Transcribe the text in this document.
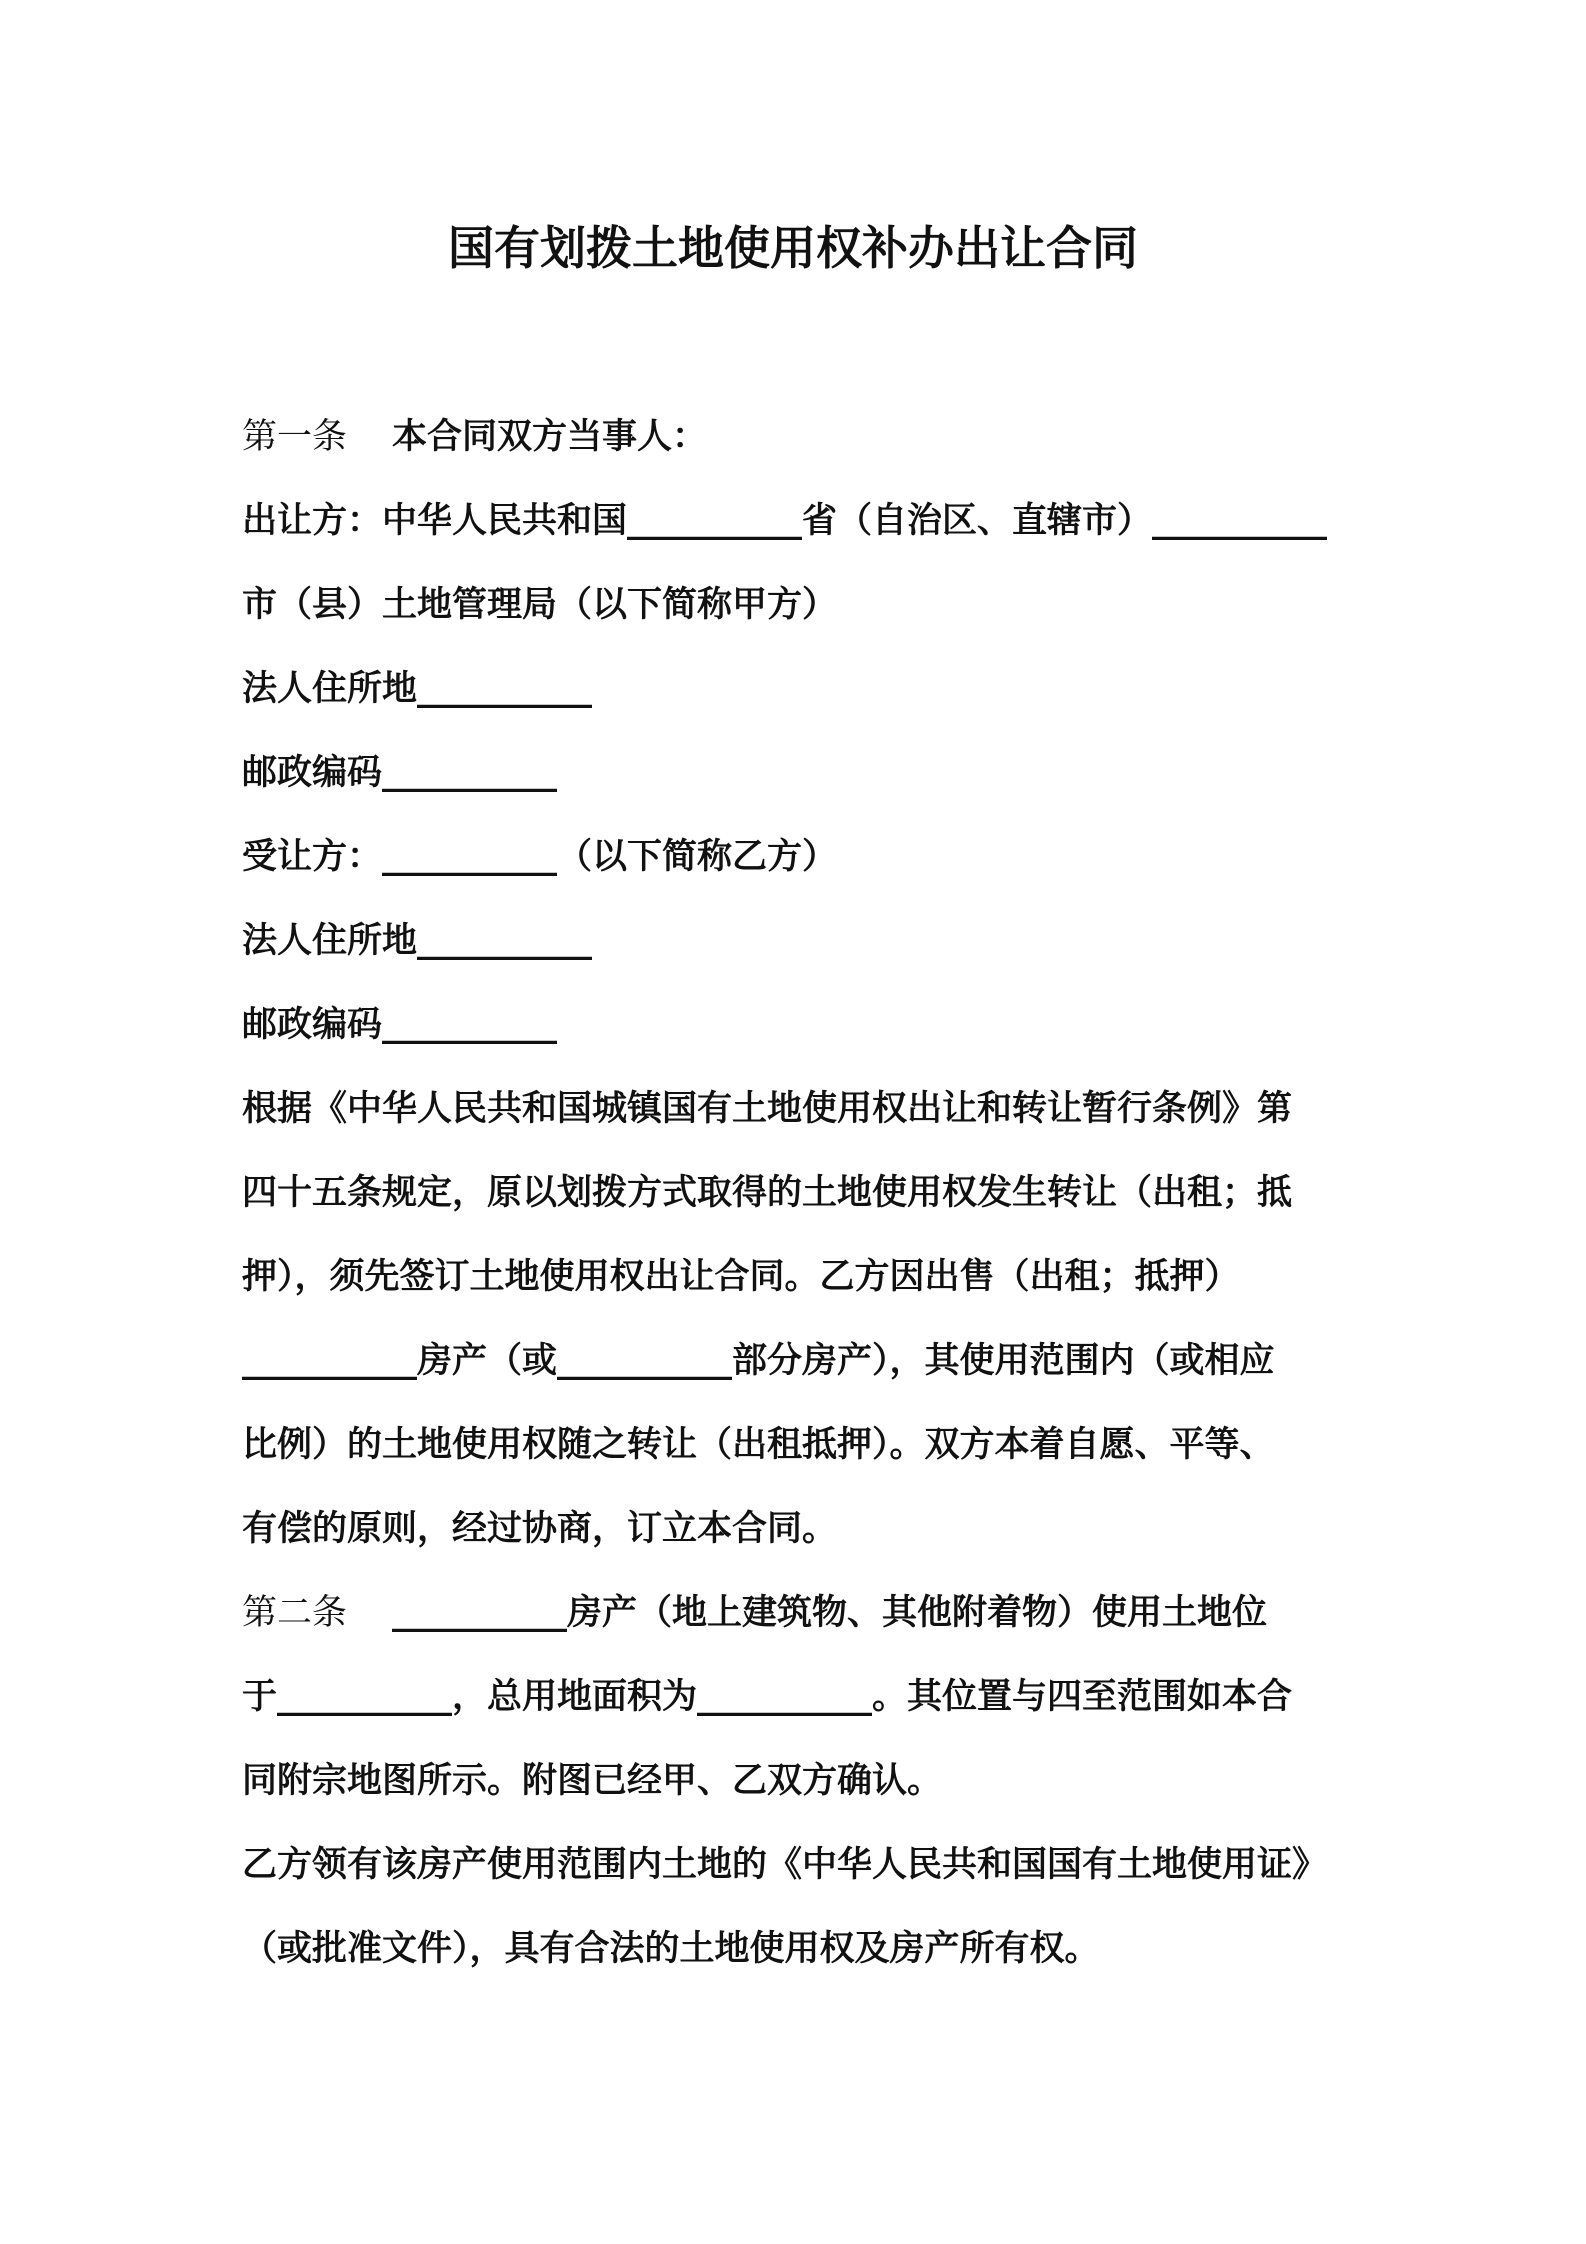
国有划拨土地使用权补办出让合同
第一条 本合同双方当事人：
出让方：中华人民共和国__________省（自治区、直辖市）__________
市（县）土地管理局（以下简称甲方）
法人住所地__________
邮政编码__________
受让方：__________（以下简称乙方）
法人住所地__________
邮政编码__________
根据《中华人民共和国城镇国有土地使用权出让和转让暂行条例》第
四十五条规定，原以划拨方式取得的土地使用权发生转让（出租；抵
押），须先签订土地使用权出让合同。乙方因出售（出租；抵押）
__________房产（或__________部分房产），其使用范围内（或相应
比例）的土地使用权随之转让（出租抵押）。双方本着自愿、平等、
有偿的原则，经过协商，订立本合同。
第二条 __________房产（地上建筑物、其他附着物）使用土地位
于__________，总用地面积为__________。其位置与四至范围如本合
同附宗地图所示。附图已经甲、乙双方确认。
乙方领有该房产使用范围内土地的《中华人民共和国国有土地使用证》
（或批准文件），具有合法的土地使用权及房产所有权。
